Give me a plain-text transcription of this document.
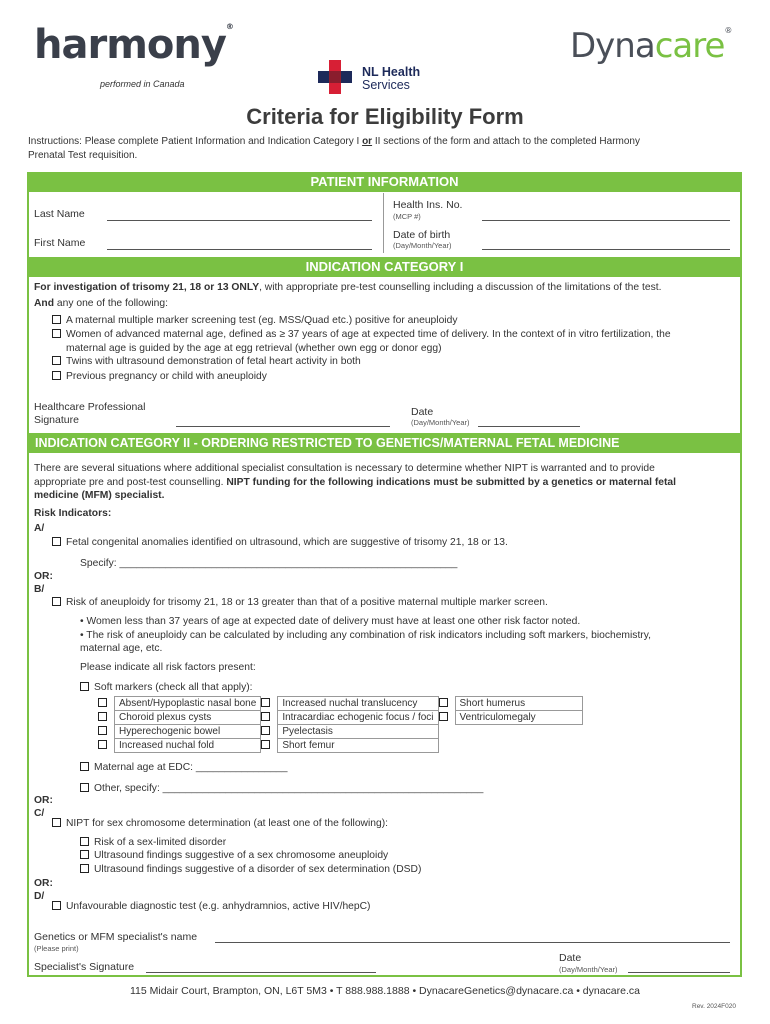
harmony®
performed in Canada
NL Health
Services
Dynacare®
Criteria for Eligibility Form
Instructions: Please complete Patient Information and Indication Category I or II sections of the form and attach to the completed Harmony
Prenatal Test requisition.
PATIENT INFORMATION
Last Name
First Name
Health Ins. No.
(MCP #)
Date of birth
(Day/Month/Year)
INDICATION CATEGORY I
For investigation of trisomy 21, 18 or 13 ONLY, with appropriate pre-test counselling including a discussion of the limitations of the test.
And any one of the following:
A maternal multiple marker screening test (eg. MSS/Quad etc.) positive for aneuploidy
Women of advanced maternal age, defined as ≥ 37 years of age at expected time of delivery. In the context of in vitro fertilization, the
maternal age is guided by the age at egg retrieval (whether own egg or donor egg)
Twins with ultrasound demonstration of fetal heart activity in both
Previous pregnancy or child with aneuploidy
Healthcare Professional
Signature
Date
(Day/Month/Year)
INDICATION CATEGORY II - ORDERING RESTRICTED TO GENETICS/MATERNAL FETAL MEDICINE
There are several situations where additional specialist consultation is necessary to determine whether NIPT is warranted and to provide
appropriate pre and post-test counselling. NIPT funding for the following indications must be submitted by a genetics or maternal fetal
medicine (MFM) specialist.
Risk Indicators:
A/
Fetal congenital anomalies identified on ultrasound, which are suggestive of trisomy 21, 18 or 13.
Specify: ___________________________________________________________
OR:
B/
Risk of aneuploidy for trisomy 21, 18 or 13 greater than that of a positive maternal multiple marker screen.
• Women less than 37 years of age at expected date of delivery must have at least one other risk factor noted.
• The risk of aneuploidy can be calculated by including any combination of risk indicators including soft markers, biochemistry,
maternal age, etc.
Please indicate all risk factors present:
Soft markers (check all that apply):
	Absent/Hypoplastic nasal bone		Increased nuchal translucency		Short humerus
	Choroid plexus cysts		Intracardiac echogenic focus / foci		Ventriculomegaly
	Hyperechogenic bowel		Pyelectasis		
	Increased nuchal fold		Short femur		
Maternal age at EDC: ________________
Other, specify: ________________________________________________________
OR:
C/
NIPT for sex chromosome determination (at least one of the following):
Risk of a sex-limited disorder
Ultrasound findings suggestive of a sex chromosome aneuploidy
Ultrasound findings suggestive of a disorder of sex determination (DSD)
OR:
D/
Unfavourable diagnostic test (e.g. anhydramnios, active HIV/hepC)
Genetics or MFM specialist's name
(Please print)
Specialist's Signature
Date
(Day/Month/Year)
115 Midair Court, Brampton, ON, L6T 5M3 • T 888.988.1888 • DynacareGenetics@dynacare.ca • dynacare.ca
Rev. 2024F020
